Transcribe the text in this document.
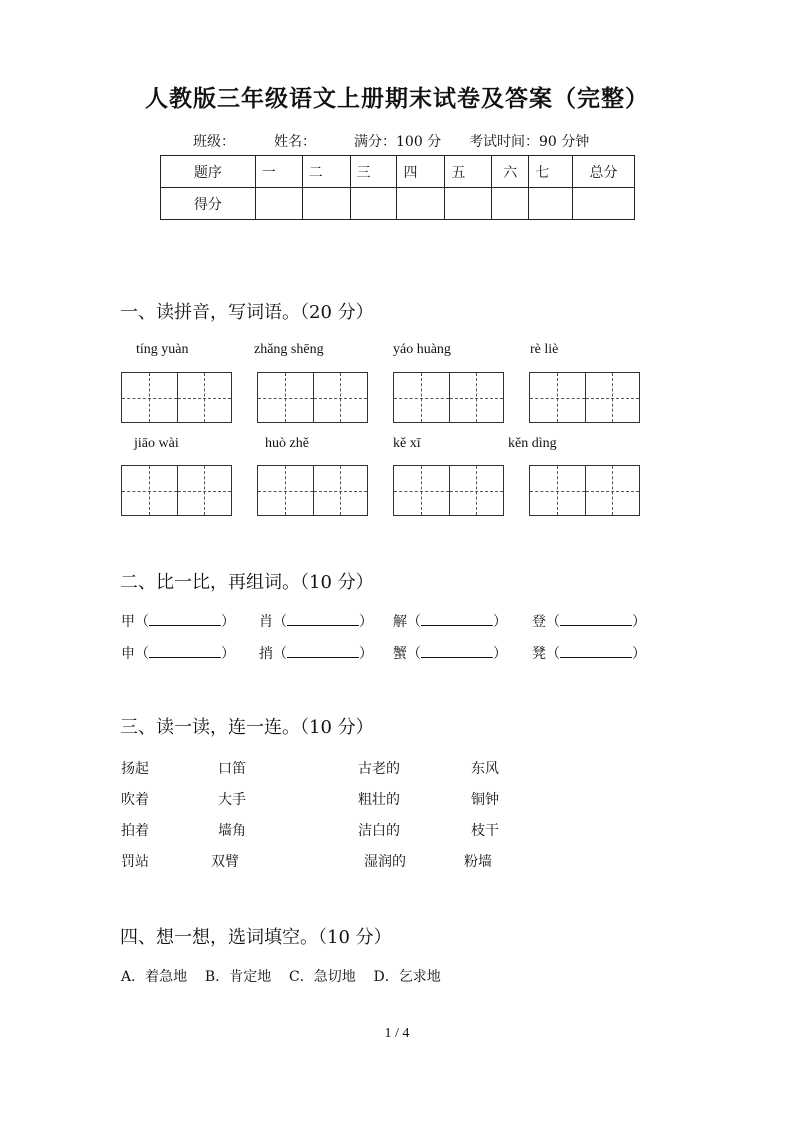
人教版三年级语文上册期末试卷及答案（完整）
班级：	姓名：	满分：100 分 考试时间：90 分钟
题序	一	二	三	四	五	六	七	总分
得分								
一、读拼音，写词语。（20 分）
tíng yuàn	zhǎng shēng	yáo huàng	rè liè
jiāo wài	huò zhě	kě xī	kěn dìng
二、比一比，再组词。（10 分）
甲（	） 肖（	） 解（	） 登（	）
申（	） 捎（	） 蟹（	） 凳（	）
三、读一读，连一连。（10 分）
扬起	口笛	古老的	东风
吹着	大手	粗壮的	铜钟
拍着	墙角	洁白的	枝干
罚站	双臂	湿润的	粉墙
四、想一想，选词填空。（10 分）
A．着急地    B．肯定地    C．急切地    D．乞求地
1 / 4
